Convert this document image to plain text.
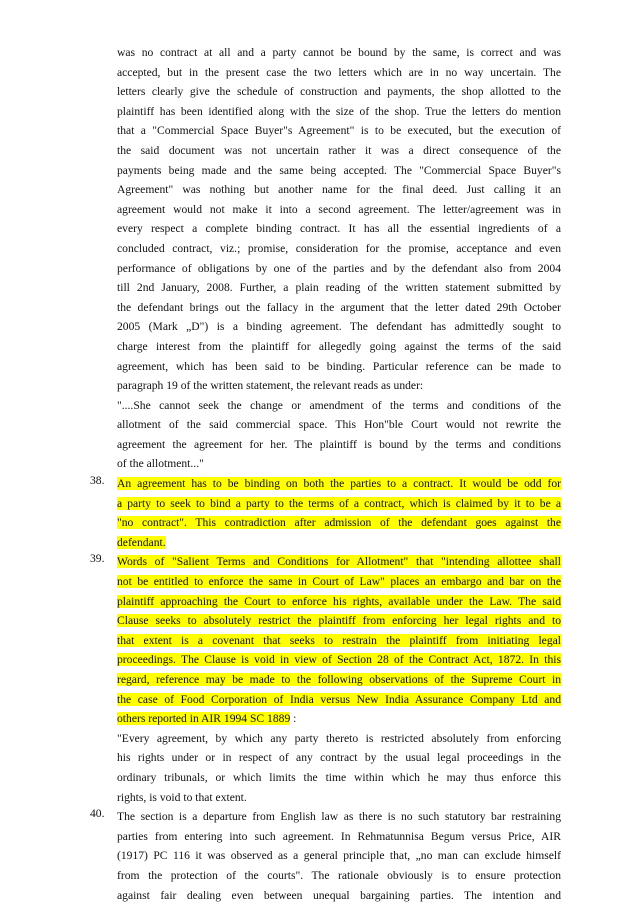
was no contract at all and a party cannot be bound by the same, is correct and was
accepted, but in the present case the two letters which are in no way uncertain. The
letters clearly give the schedule of construction and payments, the shop allotted to the
plaintiff has been identified along with the size of the shop. True the letters do mention
that a "Commercial Space Buyer"s Agreement" is to be executed, but the execution of
the said document was not uncertain rather it was a direct consequence of the
payments being made and the same being accepted. The "Commercial Space Buyer"s
Agreement" was nothing but another name for the final deed. Just calling it an
agreement would not make it into a second agreement. The letter/agreement was in
every respect a complete binding contract. It has all the essential ingredients of a
concluded contract, viz.; promise, consideration for the promise, acceptance and even
performance of obligations by one of the parties and by the defendant also from 2004
till 2nd January, 2008. Further, a plain reading of the written statement submitted by
the defendant brings out the fallacy in the argument that the letter dated 29th October
2005 (Mark „D") is a binding agreement. The defendant has admittedly sought to
charge interest from the plaintiff for allegedly going against the terms of the said
agreement, which has been said to be binding. Particular reference can be made to
paragraph 19 of the written statement, the relevant reads as under:
"....She cannot seek the change or amendment of the terms and conditions of the
allotment of the said commercial space. This Hon"ble Court would not rewrite the
agreement the agreement for her. The plaintiff is bound by the terms and conditions
of the allotment..."
38. An agreement has to be binding on both the parties to a contract. It would be odd for
a party to seek to bind a party to the terms of a contract, which is claimed by it to be a
"no contract". This contradiction after admission of the defendant goes against the
defendant.
39. Words of "Salient Terms and Conditions for Allotment" that "intending allottee shall
not be entitled to enforce the same in Court of Law" places an embargo and bar on the
plaintiff approaching the Court to enforce his rights, available under the Law. The said
Clause seeks to absolutely restrict the plaintiff from enforcing her legal rights and to
that extent is a covenant that seeks to restrain the plaintiff from initiating legal
proceedings. The Clause is void in view of Section 28 of the Contract Act, 1872. In this
regard, reference may be made to the following observations of the Supreme Court in
the case of Food Corporation of India versus New India Assurance Company Ltd and
others reported in AIR 1994 SC 1889 :
"Every agreement, by which any party thereto is restricted absolutely from enforcing
his rights under or in respect of any contract by the usual legal proceedings in the
ordinary tribunals, or which limits the time within which he may thus enforce this
rights, is void to that extent.
40. The section is a departure from English law as there is no such statutory bar restraining
parties from entering into such agreement. In Rehmatunnisa Begum versus Price, AIR
(1917) PC 116 it was observed as a general principle that, „no man can exclude himself
from the protection of the courts". The rationale obviously is to ensure protection
against fair dealing even between unequal bargaining parties. The intention and
